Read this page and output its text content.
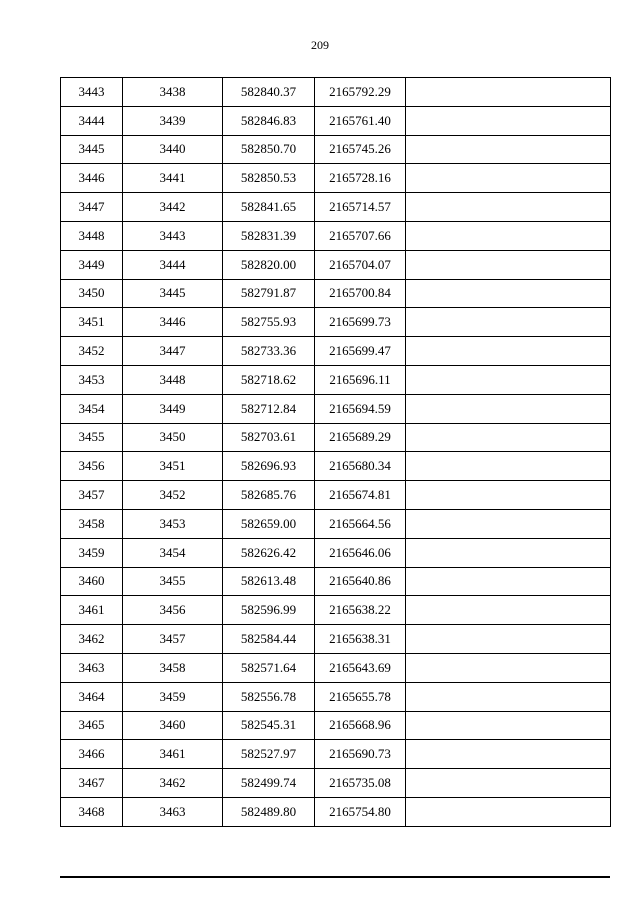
209
3443	3438	582840.37	2165792.29	
3444	3439	582846.83	2165761.40	
3445	3440	582850.70	2165745.26	
3446	3441	582850.53	2165728.16	
3447	3442	582841.65	2165714.57	
3448	3443	582831.39	2165707.66	
3449	3444	582820.00	2165704.07	
3450	3445	582791.87	2165700.84	
3451	3446	582755.93	2165699.73	
3452	3447	582733.36	2165699.47	
3453	3448	582718.62	2165696.11	
3454	3449	582712.84	2165694.59	
3455	3450	582703.61	2165689.29	
3456	3451	582696.93	2165680.34	
3457	3452	582685.76	2165674.81	
3458	3453	582659.00	2165664.56	
3459	3454	582626.42	2165646.06	
3460	3455	582613.48	2165640.86	
3461	3456	582596.99	2165638.22	
3462	3457	582584.44	2165638.31	
3463	3458	582571.64	2165643.69	
3464	3459	582556.78	2165655.78	
3465	3460	582545.31	2165668.96	
3466	3461	582527.97	2165690.73	
3467	3462	582499.74	2165735.08	
3468	3463	582489.80	2165754.80	
